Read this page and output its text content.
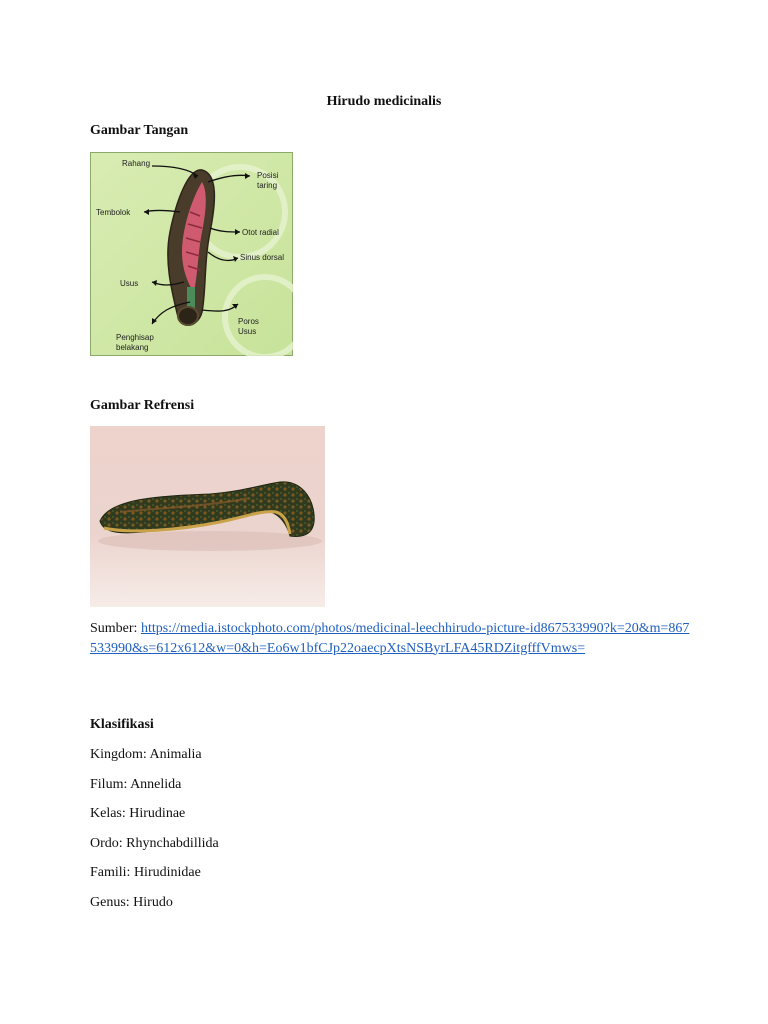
Hirudo medicinalis
Gambar Tangan
Rahang
Posisi
taring
Tembolok
Otot radial
Sinus dorsal
Usus
Poros
Usus
Penghisap
belakang
Gambar Refrensi
Sumber: https://media.istockphoto.com/photos/medicinal-leechhirudo-picture-id867533990?k=20&m=867533990&s=612x612&w=0&h=Eo6w1bfCJp22oaecpXtsNSByrLFA45RDZitgfffVmws=
Klasifikasi
Kingdom: Animalia
Filum: Annelida
Kelas: Hirudinae
Ordo: Rhynchabdillida
Famili: Hirudinidae
Genus: Hirudo
